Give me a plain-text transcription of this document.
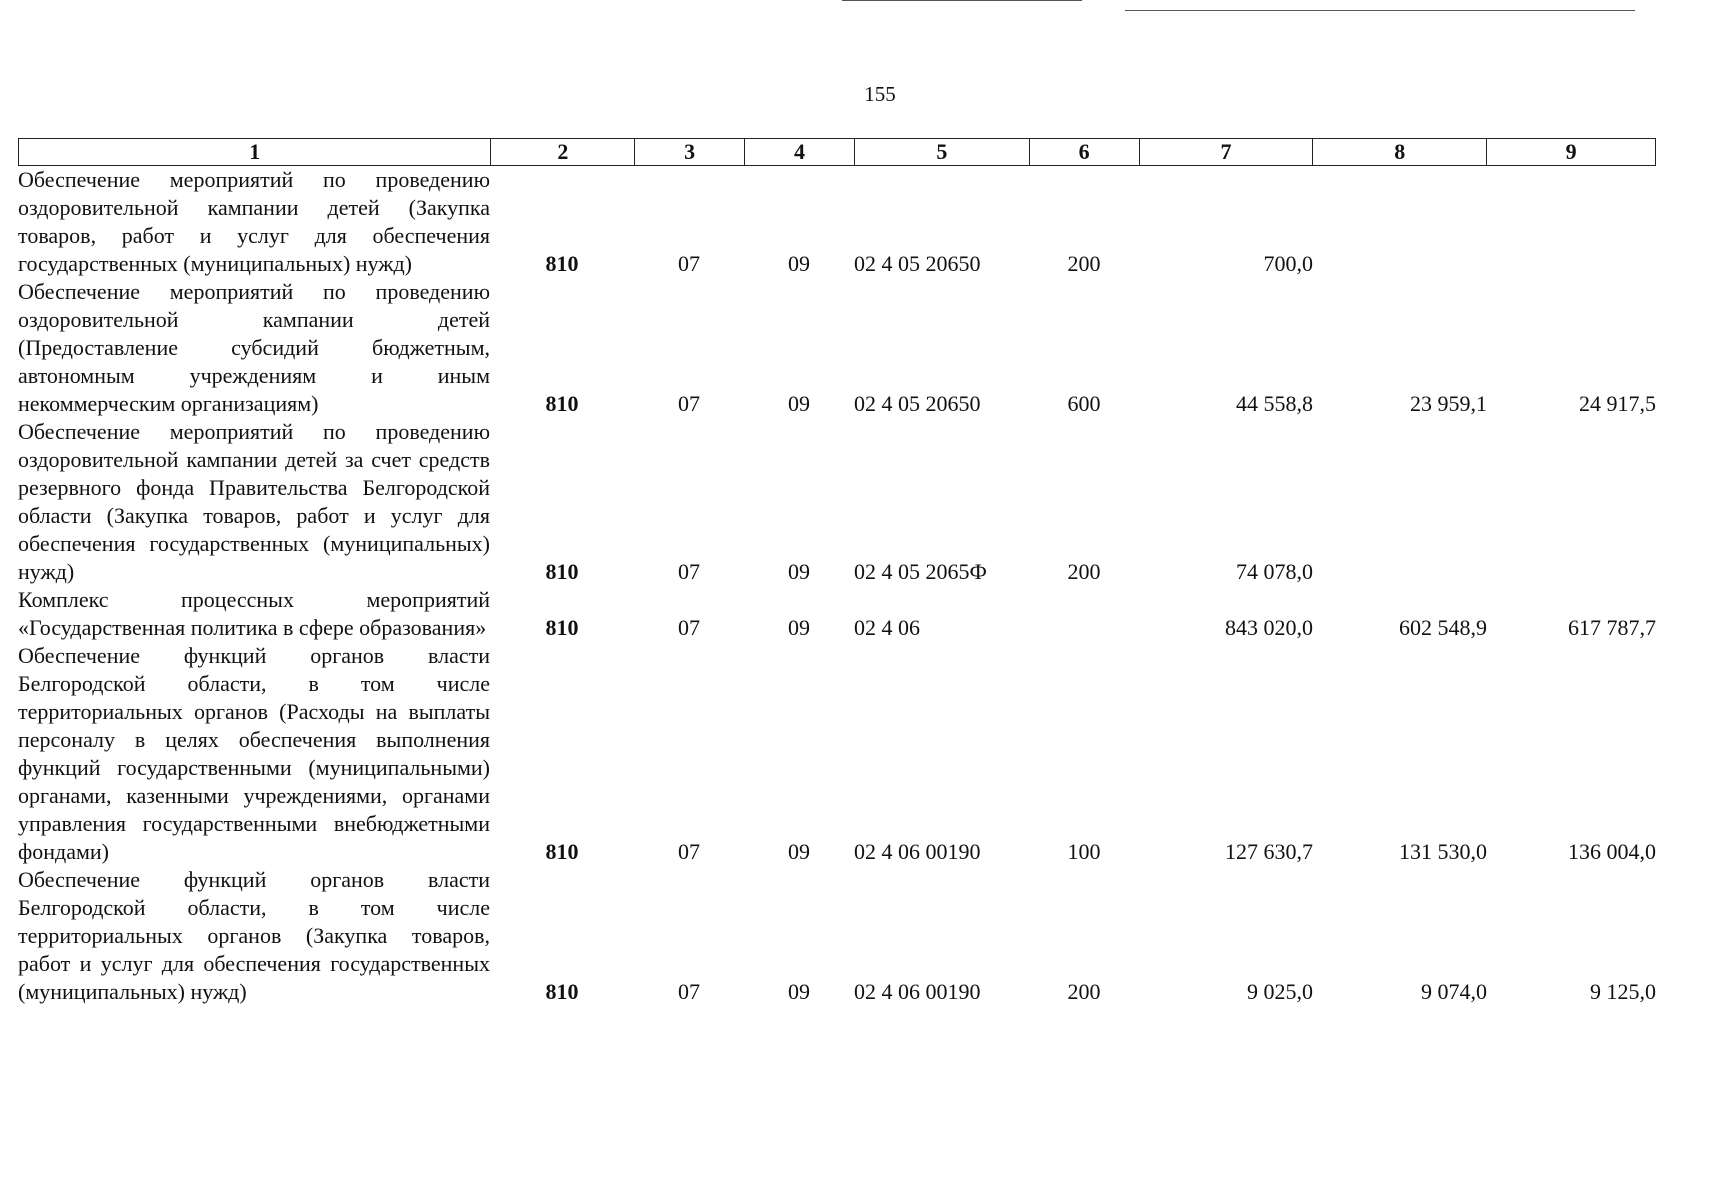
155
1	2	3	4	5	6	7	8	9
Обеспечение мероприятий по проведению оздоровительной кампании детей (Закупка товаров, работ и услуг для обеспечения государственных (муниципальных) нужд)	810	07	09	02 4 05 20650	200	700,0		
Обеспечение мероприятий по проведению оздоровительной кампании детей (Предоставление субсидий бюджетным, автономным учреждениям и иным некоммерческим организациям)	810	07	09	02 4 05 20650	600	44 558,8	23 959,1	24 917,5
Обеспечение мероприятий по проведению оздоровительной кампании детей за счет средств резервного фонда Правительства Белгородской области (Закупка товаров, работ и услуг для обеспечения государственных (муниципальных) нужд)	810	07	09	02 4 05 2065Ф	200	74 078,0		
Комплекс процессных мероприятий «Государственная политика в сфере образования»	810	07	09	02 4 06		843 020,0	602 548,9	617 787,7
Обеспечение функций органов власти Белгородской области, в том числе территориальных органов (Расходы на выплаты персоналу в целях обеспечения выполнения функций государственными (муниципальными) органами, казенными учреждениями, органами управления государственными внебюджетными фондами)	810	07	09	02 4 06 00190	100	127 630,7	131 530,0	136 004,0
Обеспечение функций органов власти Белгородской области, в том числе территориальных органов (Закупка товаров, работ и услуг для обеспечения государственных (муниципальных) нужд)	810	07	09	02 4 06 00190	200	9 025,0	9 074,0	9 125,0
